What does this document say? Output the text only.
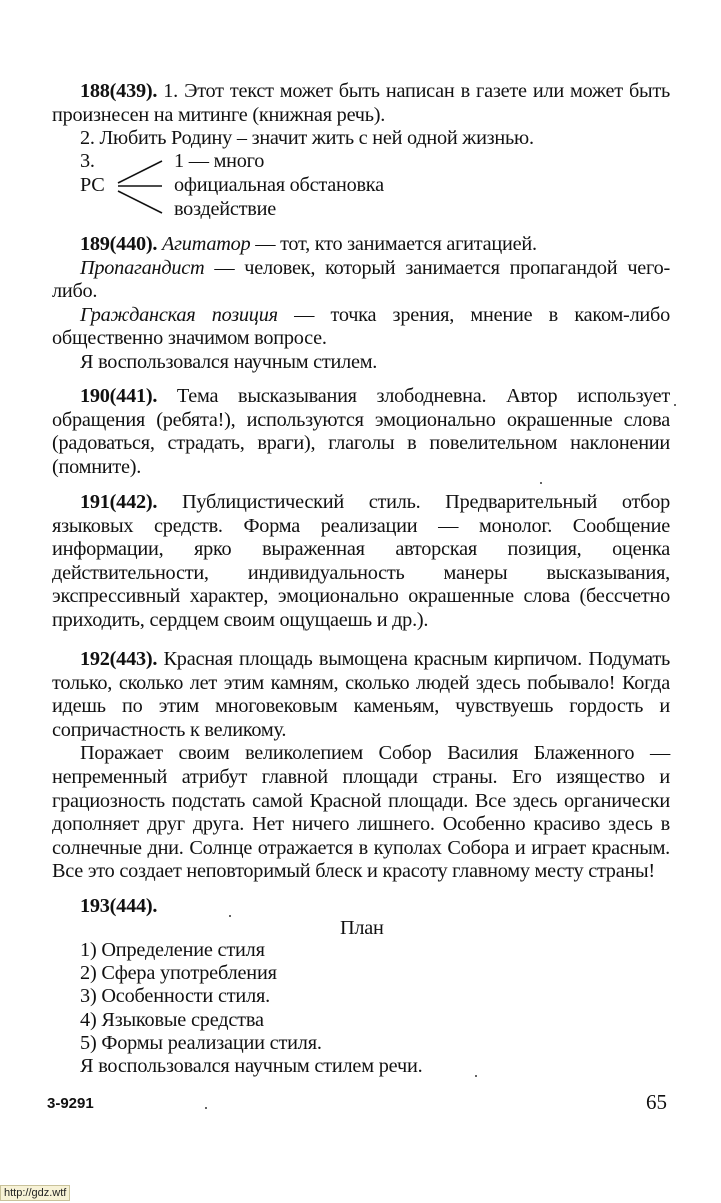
188(439). 1. Этот текст может быть написан в газете или может быть произнесен на митинге (книжная речь).

2. Любить Родину – значит жить с ней одной жизнью.

3.
РС
1 — много
официальная обстановка
воздействие

189(440). Агитатор — тот, кто занимается агитацией.

Пропагандист — человек, который занимается пропагандой чего-либо.

Гражданская позиция — точка зрения, мнение в каком-либо общественно значимом вопросе.

Я воспользовался научным стилем.

190(441). Тема высказывания злободневна. Автор использует обращения (ребята!), используются эмоционально окрашенные слова (радоваться, страдать, враги), глаголы в повелительном наклонении (помните).

191(442). Публицистический стиль. Предварительный отбор языковых средств. Форма реализации — монолог. Сообщение информации, ярко выраженная авторская позиция, оценка действительности, индивидуальность манеры высказывания, экспрессивный характер, эмоционально окрашенные слова (бессчетно приходить, сердцем своим ощущаешь и др.).

192(443). Красная площадь вымощена красным кирпичом. Подумать только, сколько лет этим камням, сколько людей здесь побывало! Когда идешь по этим многовековым каменьям, чувствуешь гордость и сопричастность к великому.

Поражает своим великолепием Собор Василия Блаженного — непременный атрибут главной площади страны. Его изящество и грациозность подстать самой Красной площади. Все здесь органически дополняет друг друга. Нет ничего лишнего. Особенно красиво здесь в солнечные дни. Солнце отражается в куполах Собора и играет красным. Все это создает неповторимый блеск и красоту главному месту страны!

193(444).
План
1) Определение стиля
2) Сфера употребления
3) Особенности стиля.
4) Языковые средства
5) Формы реализации стиля.
Я воспользовался научным стилем речи.
3-9291	65
http://gdz.wtf
